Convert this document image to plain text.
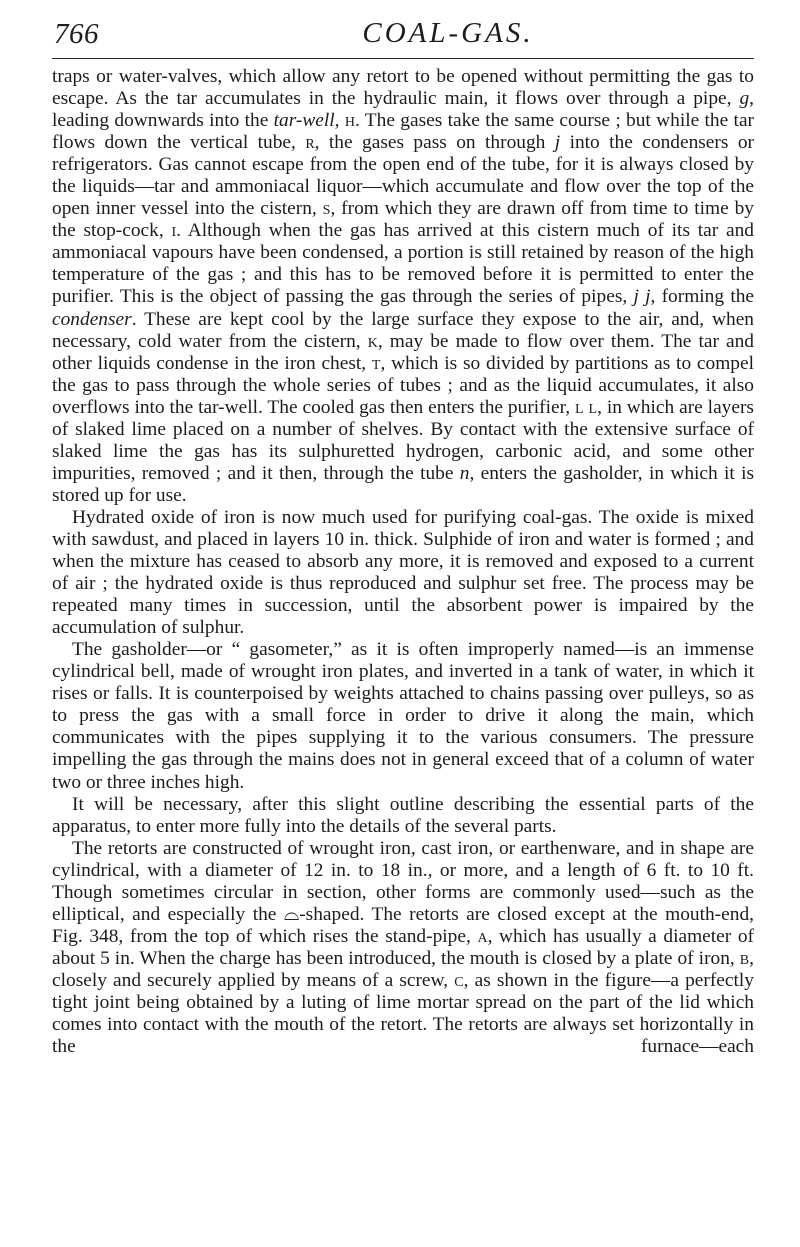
766	COAL-GAS.

traps or water-valves, which allow any retort to be opened without permitting the gas to escape. As the tar accumulates in the hydraulic main, it flows over through a pipe, g, leading downwards into the tar-well, h. The gases take the same course ; but while the tar flows down the vertical tube, r, the gases pass on through j into the condensers or refrigerators. Gas cannot escape from the open end of the tube, for it is always closed by the liquids—tar and ammoniacal liquor—which accumulate and flow over the top of the open inner vessel into the cistern, s, from which they are drawn off from time to time by the stop-cock, i. Although when the gas has arrived at this cistern much of its tar and ammoniacal vapours have been condensed, a portion is still retained by reason of the high temperature of the gas ; and this has to be removed before it is permitted to enter the purifier. This is the object of passing the gas through the series of pipes, j j, forming the condenser. These are kept cool by the large surface they expose to the air, and, when necessary, cold water from the cistern, k, may be made to flow over them. The tar and other liquids condense in the iron chest, t, which is so divided by partitions as to compel the gas to pass through the whole series of tubes ; and as the liquid accumulates, it also overflows into the tar-well. The cooled gas then enters the purifier, l l, in which are layers of slaked lime placed on a number of shelves. By contact with the extensive surface of slaked lime the gas has its sulphuretted hydrogen, carbonic acid, and some other impurities, removed ; and it then, through the tube n, enters the gasholder, in which it is stored up for use.

Hydrated oxide of iron is now much used for purifying coal-gas. The oxide is mixed with sawdust, and placed in layers 10 in. thick. Sulphide of iron and water is formed ; and when the mixture has ceased to absorb any more, it is removed and exposed to a current of air ; the hydrated oxide is thus reproduced and sulphur set free. The process may be repeated many times in succession, until the absorbent power is impaired by the accumulation of sulphur.

The gasholder—or “ gasometer,” as it is often improperly named—is an immense cylindrical bell, made of wrought iron plates, and inverted in a tank of water, in which it rises or falls. It is counterpoised by weights attached to chains passing over pulleys, so as to press the gas with a small force in order to drive it along the main, which communicates with the pipes supplying it to the various consumers. The pressure impelling the gas through the mains does not in general exceed that of a column of water two or three inches high.

It will be necessary, after this slight outline describing the essential parts of the apparatus, to enter more fully into the details of the several parts.

The retorts are constructed of wrought iron, cast iron, or earthenware, and in shape are cylindrical, with a diameter of 12 in. to 18 in., or more, and a length of 6 ft. to 10 ft. Though sometimes circular in section, other forms are commonly used—such as the elliptical, and especially the ⌓-shaped. The retorts are closed except at the mouth-end, Fig. 348, from the top of which rises the stand-pipe, a, which has usually a diameter of about 5 in. When the charge has been introduced, the mouth is closed by a plate of iron, b, closely and securely applied by means of a screw, c, as shown in the figure—a perfectly tight joint being obtained by a luting of lime mortar spread on the part of the lid which comes into contact with the mouth of the retort. The retorts are always set horizontally in the furnace—each
